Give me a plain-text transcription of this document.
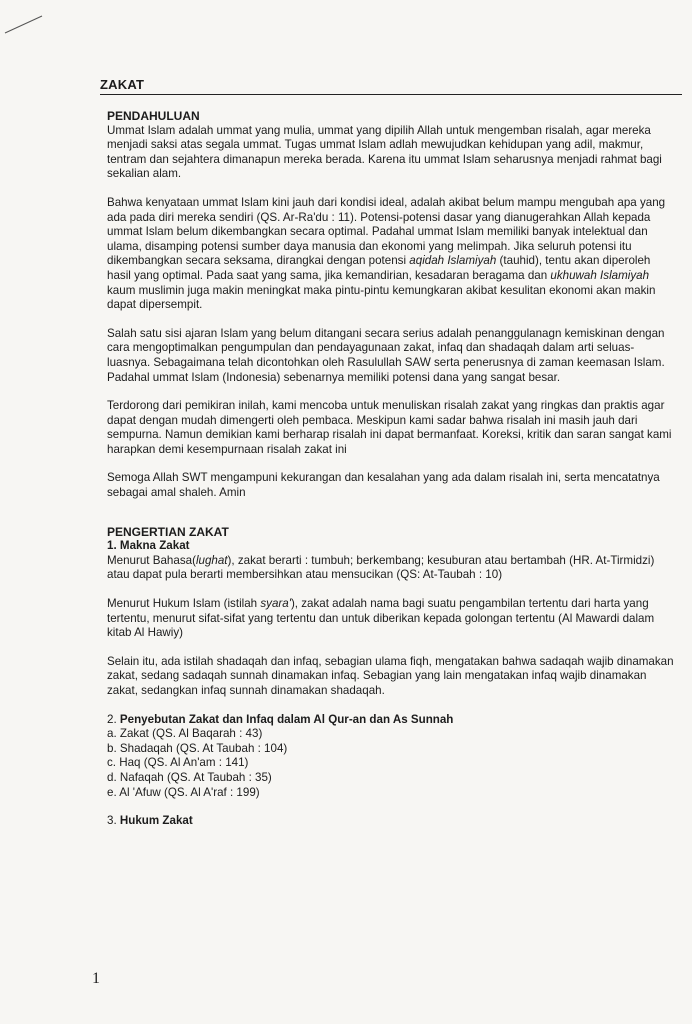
ZAKAT

PENDAHULUAN

Ummat Islam adalah ummat yang mulia, ummat yang dipilih Allah untuk mengemban risalah, agar mereka menjadi saksi atas segala ummat. Tugas ummat Islam adlah mewujudkan kehidupan yang adil, makmur, tentram dan sejahtera dimanapun mereka berada. Karena itu ummat Islam seharusnya menjadi rahmat bagi sekalian alam.

Bahwa kenyataan ummat Islam kini jauh dari kondisi ideal, adalah akibat belum mampu mengubah apa yang ada pada diri mereka sendiri (QS. Ar-Ra'du : 11). Potensi-potensi dasar yang dianugerahkan Allah kepada ummat Islam belum dikembangkan secara optimal. Padahal ummat Islam memiliki banyak intelektual dan ulama, disamping potensi sumber daya manusia dan ekonomi yang melimpah. Jika seluruh potensi itu dikembangkan secara seksama, dirangkai dengan potensi aqidah Islamiyah (tauhid), tentu akan diperoleh hasil yang optimal. Pada saat yang sama, jika kemandirian, kesadaran beragama dan ukhuwah Islamiyah kaum muslimin juga makin meningkat maka pintu-pintu kemungkaran akibat kesulitan ekonomi akan makin dapat dipersempit.

Salah satu sisi ajaran Islam yang belum ditangani secara serius adalah penanggulanagn kemiskinan dengan cara mengoptimalkan pengumpulan dan pendayagunaan zakat, infaq dan shadaqah dalam arti seluas-luasnya. Sebagaimana telah dicontohkan oleh Rasulullah SAW serta penerusnya di zaman keemasan Islam. Padahal ummat Islam (Indonesia) sebenarnya memiliki potensi dana yang sangat besar.

Terdorong dari pemikiran inilah, kami mencoba untuk menuliskan risalah zakat yang ringkas dan praktis agar dapat dengan mudah dimengerti oleh pembaca. Meskipun kami sadar bahwa risalah ini masih jauh dari sempurna. Namun demikian kami berharap risalah ini dapat bermanfaat. Koreksi, kritik dan saran sangat kami harapkan demi kesempurnaan risalah zakat ini

Semoga Allah SWT mengampuni kekurangan dan kesalahan yang ada dalam risalah ini, serta mencatatnya sebagai amal shaleh. Amin

PENGERTIAN ZAKAT

1. Makna Zakat

Menurut Bahasa(lughat), zakat berarti : tumbuh; berkembang; kesuburan atau bertambah (HR. At-Tirmidzi) atau dapat pula berarti membersihkan atau mensucikan (QS: At-Taubah : 10)

Menurut Hukum Islam (istilah syara'), zakat adalah nama bagi suatu pengambilan tertentu dari harta yang tertentu, menurut sifat-sifat yang tertentu dan untuk diberikan kepada golongan tertentu (Al Mawardi dalam kitab Al Hawiy)

Selain itu, ada istilah shadaqah dan infaq, sebagian ulama fiqh, mengatakan bahwa sadaqah wajib dinamakan zakat, sedang sadaqah sunnah dinamakan infaq. Sebagian yang lain mengatakan infaq wajib dinamakan zakat, sedangkan infaq sunnah dinamakan shadaqah.

2. Penyebutan Zakat dan Infaq dalam Al Qur-an dan As Sunnah

a. Zakat (QS. Al Baqarah : 43)
b. Shadaqah (QS. At Taubah : 104)
c. Haq (QS. Al An'am : 141)
d. Nafaqah (QS. At Taubah : 35)
e. Al 'Afuw (QS. Al A'raf : 199)

3. Hukum Zakat

1
